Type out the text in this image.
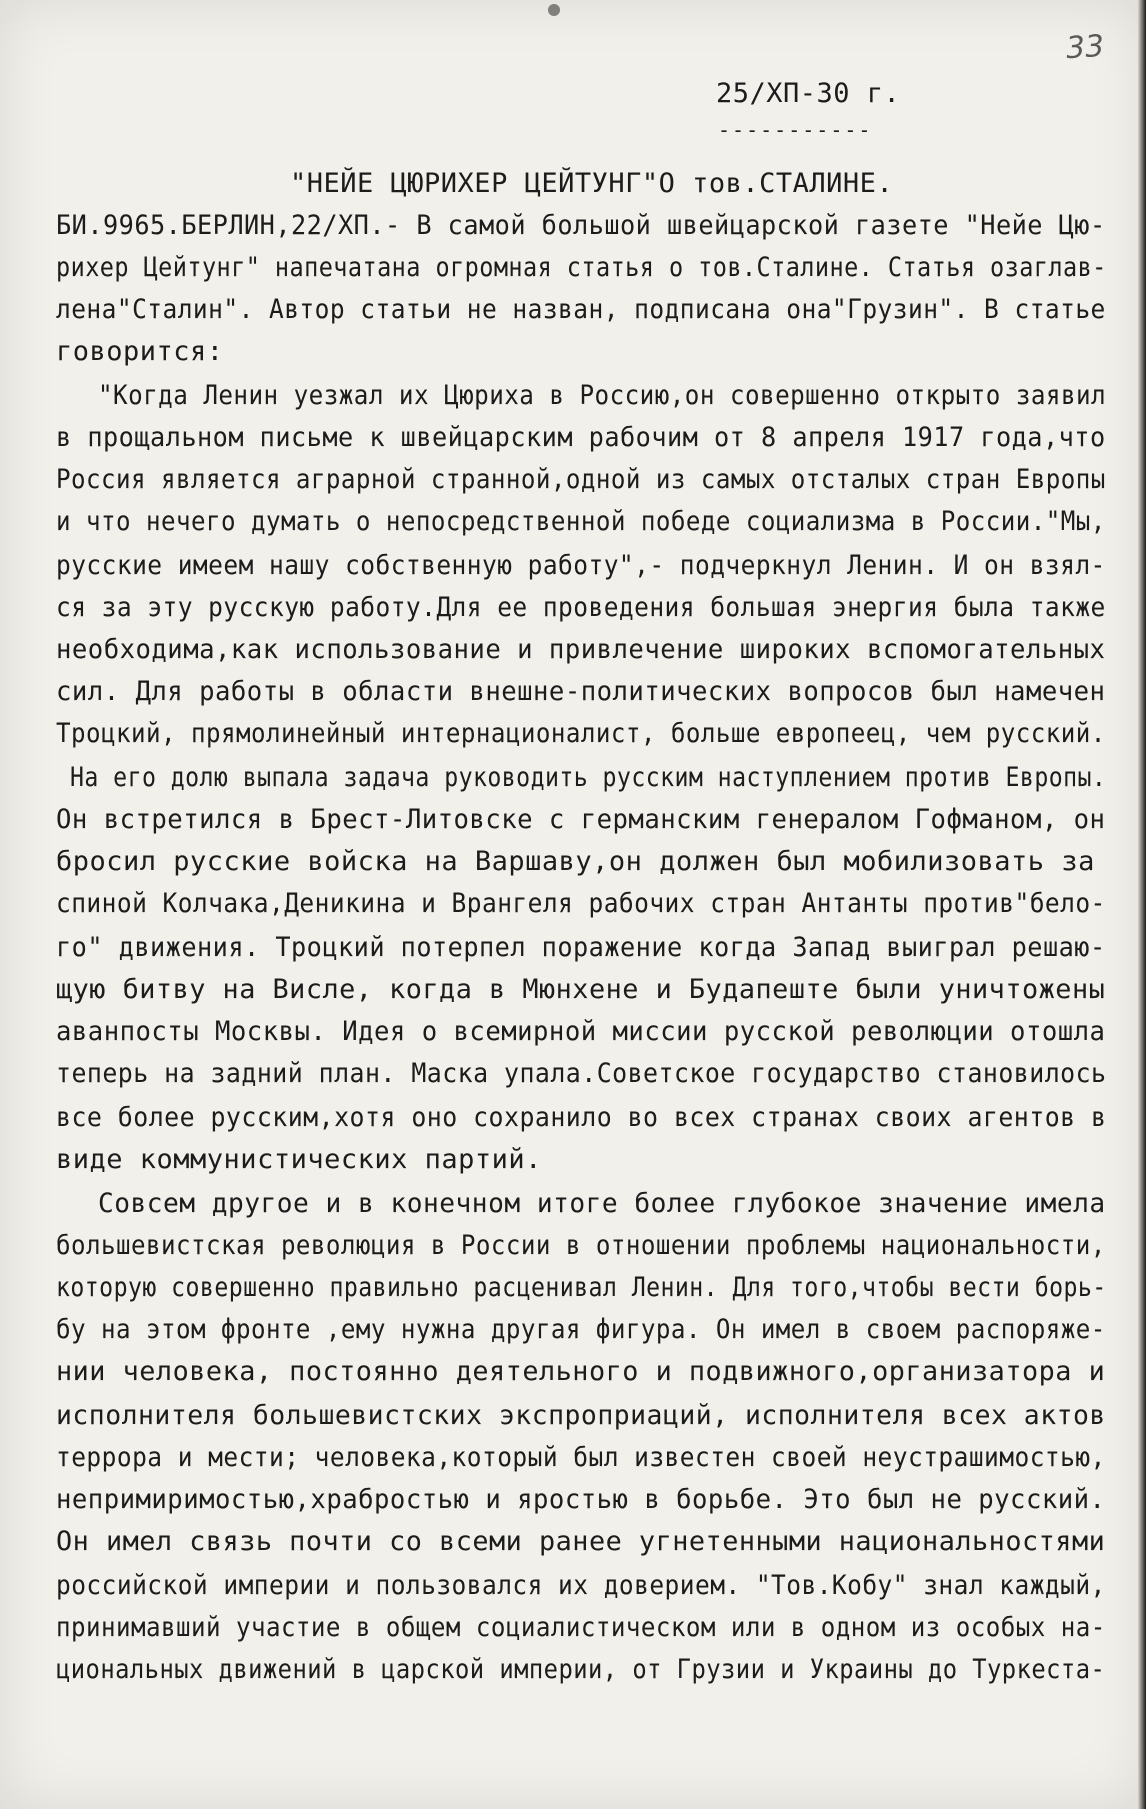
33
25/ХП-30 г.
-----------
"НЕЙЕ ЦЮРИХЕР ЦЕЙТУНГ"О тов.СТАЛИНЕ.
БИ.9965.БЕРЛИН,22/ХП.- В самой большой швейцарской газете "Нейе Цю-
рихер Цейтунг" напечатана огромная статья о тов.Сталине. Статья озаглав-
лена"Сталин". Автор статьи не назван, подписана она"Грузин". В статье
говорится:
"Когда Ленин уезжал их Цюриха в Россию,он совершенно открыто заявил
в прощальном письме к швейцарским рабочим от 8 апреля 1917 года,что
Россия является аграрной странной,одной из самых отсталых стран Европы
и что нечего думать о непосредственной победе социализма в России."Мы,
русские имеем нашу собственную работу",- подчеркнул Ленин. И он взял-
ся за эту русскую работу.Для ее проведения большая энергия была также
необходима,как использование и привлечение широких вспомогательных
сил. Для работы в области внешне-политических вопросов был намечен
Троцкий, прямолинейный интернационалист, больше европеец, чем русский.
На его долю выпала задача руководить русским наступлением против Европы.
Он встретился в Брест-Литовске с германским генералом Гофманом, он
бросил русские войска на Варшаву,он должен был мобилизовать за
спиной Колчака,Деникина и Врангеля рабочих стран Антанты против"бело-
го" движения. Троцкий потерпел поражение когда Запад выиграл решаю-
щую битву на Висле, когда в Мюнхене и Будапеште были уничтожены
аванпосты Москвы. Идея о всемирной миссии русской революции отошла
теперь на задний план. Маска упала.Советское государство становилось
все более русским,хотя оно сохранило во всех странах своих агентов в
виде коммунистических партий.
Совсем другое и в конечном итоге более глубокое значение имела
большевистская революция в России в отношении проблемы национальности,
которую совершенно правильно расценивал Ленин. Для того,чтобы вести борь-
бу на этом фронте ,ему нужна другая фигура. Он имел в своем распоряже-
нии человека, постоянно деятельного и подвижного,организатора и
исполнителя большевистских экспроприаций, исполнителя всех актов
террора и мести; человека,который был известен своей неустрашимостью,
непримиримостью,храбростью и яростью в борьбе. Это был не русский.
Он имел связь почти со всеми ранее угнетенными национальностями
российской империи и пользовался их доверием. "Тов.Кобу" знал каждый,
принимавший участие в общем социалистическом или в одном из особых на-
циональных движений в царской империи, от Грузии и Украины до Туркеста-
